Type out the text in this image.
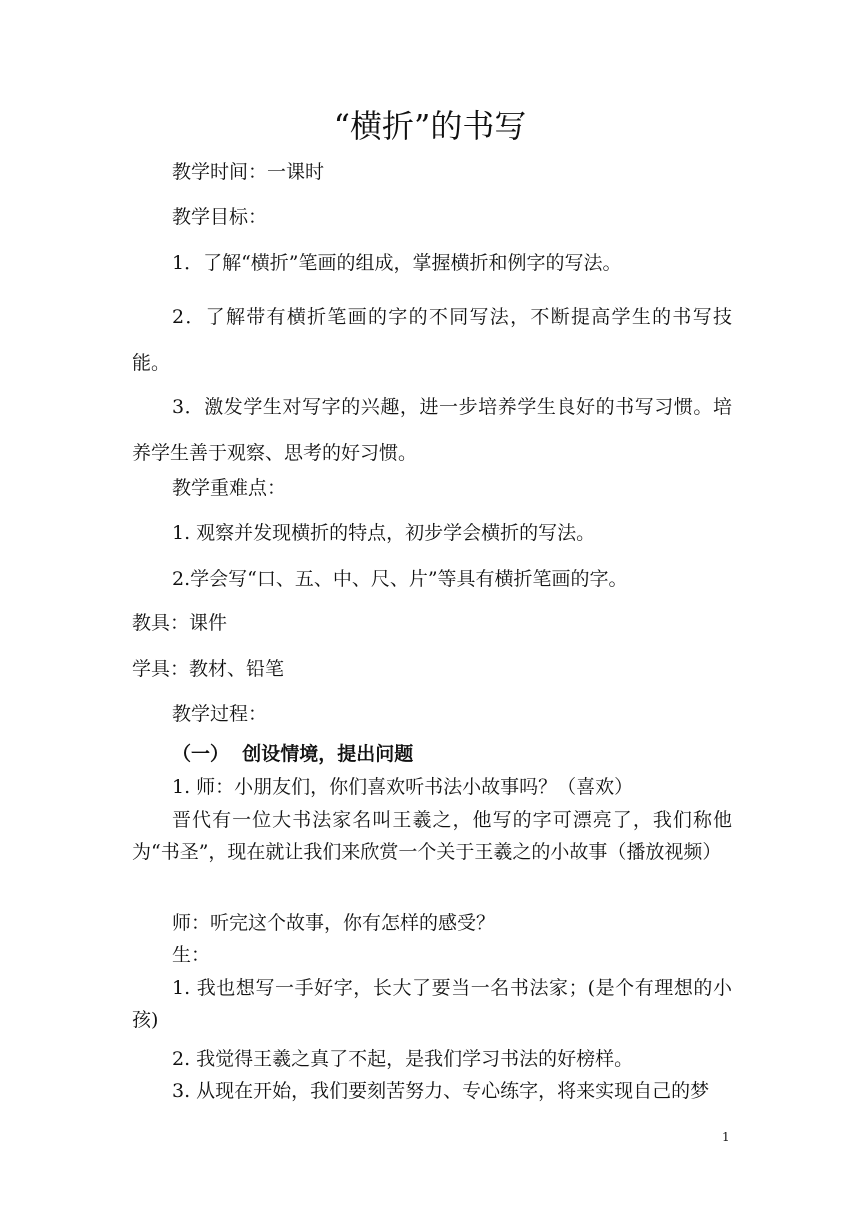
“横折”的书写

教学时间：一课时

教学目标：

1．了解“横折”笔画的组成，掌握横折和例字的写法。

2．了解带有横折笔画的字的不同写法，不断提高学生的书写技能。

3．激发学生对写字的兴趣，进一步培养学生良好的书写习惯。培养学生善于观察、思考的好习惯。

教学重难点：

1. 观察并发现横折的特点，初步学会横折的写法。

2.学会写“口、五、中、尺、片”等具有横折笔画的字。

教具：课件

学具：教材、铅笔

教学过程：

（一）  创设情境，提出问题

1. 师：小朋友们，你们喜欢听书法小故事吗？（喜欢）

晋代有一位大书法家名叫王羲之，他写的字可漂亮了，我们称他为“书圣”，现在就让我们来欣赏一个关于王羲之的小故事（播放视频）

师：听完这个故事，你有怎样的感受？

生：

1. 我也想写一手好字，长大了要当一名书法家；(是个有理想的小孩)

2. 我觉得王羲之真了不起，是我们学习书法的好榜样。

3. 从现在开始，我们要刻苦努力、专心练字，将来实现自己的梦

1
